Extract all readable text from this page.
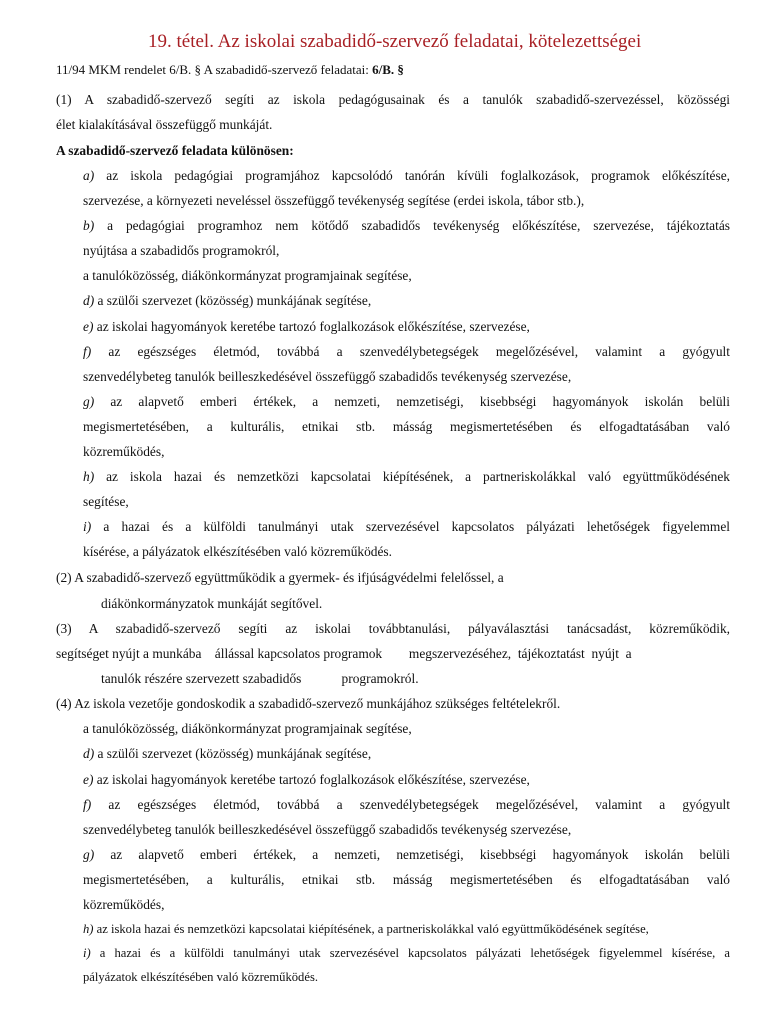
19. tétel. Az iskolai szabadidő-szervező feladatai, kötelezettségei
11/94 MKM rendelet 6/B. § A szabadidő-szervező feladatai: 6/B. §
(1) A szabadidő-szervező segíti az iskola pedagógusainak és a tanulók szabadidő-szervezéssel, közösségi
élet kialakításával összefüggő munkáját.
A szabadidő-szervező feladata különösen:
a) az iskola pedagógiai programjához kapcsolódó tanórán kívüli foglalkozások, programok előkészítése,
szervezése, a környezeti neveléssel összefüggő tevékenység segítése (erdei iskola, tábor stb.),
b) a pedagógiai programhoz nem kötődő szabadidős tevékenység előkészítése, szervezése, tájékoztatás
nyújtása a szabadidős programokról,
a tanulóközösség, diákönkormányzat programjainak segítése,
d) a szülői szervezet (közösség) munkájának segítése,
e) az iskolai hagyományok keretébe tartozó foglalkozások előkészítése, szervezése,
f) az egészséges életmód, továbbá a szenvedélybetegségek megelőzésével, valamint a gyógyult
szenvedélybeteg tanulók beilleszkedésével összefüggő szabadidős tevékenység szervezése,
g) az alapvető emberi értékek, a nemzeti, nemzetiségi, kisebbségi hagyományok iskolán belüli
megismertetésében, a kulturális, etnikai stb. másság megismertetésében és elfogadtatásában való
közreműködés,
h) az iskola hazai és nemzetközi kapcsolatai kiépítésének, a partneriskolákkal való együttműködésének
segítése,
i) a hazai és a külföldi tanulmányi utak szervezésével kapcsolatos pályázati lehetőségek figyelemmel
kísérése, a pályázatok elkészítésében való közreműködés.
(2) A szabadidő-szervező együttműködik a gyermek- és ifjúságvédelmi felelőssel, a
diákönkormányzatok munkáját segítővel.
(3) A szabadidő-szervező segíti az iskolai továbbtanulási, pályaválasztási tanácsadást, közreműködik,
segítséget nyújt a munkába    állással kapcsolatos programok        megszervezéséhez,  tájékoztatást  nyújt  a
tanulók részére szervezett szabadidős            programokról.
(4) Az iskola vezetője gondoskodik a szabadidő-szervező munkájához szükséges feltételekről.
a tanulóközösség, diákönkormányzat programjainak segítése,
d) a szülői szervezet (közösség) munkájának segítése,
e) az iskolai hagyományok keretébe tartozó foglalkozások előkészítése, szervezése,
f) az egészséges életmód, továbbá a szenvedélybetegségek megelőzésével, valamint a gyógyult
szenvedélybeteg tanulók beilleszkedésével összefüggő szabadidős tevékenység szervezése,
g) az alapvető emberi értékek, a nemzeti, nemzetiségi, kisebbségi hagyományok iskolán belüli
megismertetésében, a kulturális, etnikai stb. másság megismertetésében és elfogadtatásában való
közreműködés,
h) az iskola hazai és nemzetközi kapcsolatai kiépítésének, a partneriskolákkal való együttműködésének segítése,
i) a hazai és a külföldi tanulmányi utak szervezésével kapcsolatos pályázati lehetőségek figyelemmel kísérése, a
pályázatok elkészítésében való közreműködés.
